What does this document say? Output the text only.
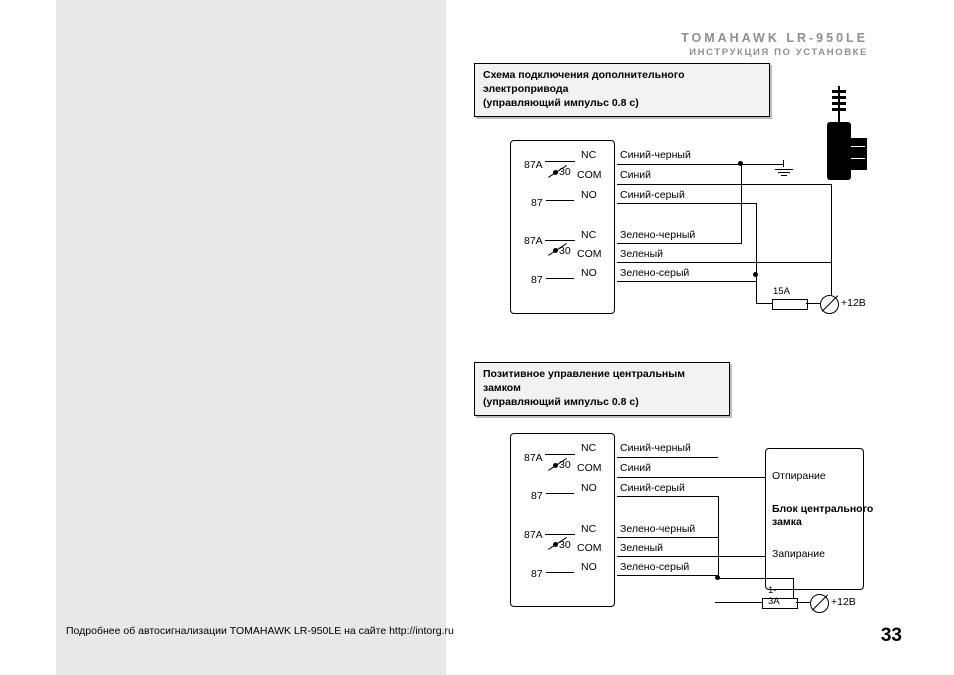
TOMAHAWK LR-950LE
ИНСТРУКЦИЯ ПО УСТАНОВКЕ
Схема подключения дополнительного электропривода
(управляющий импульс 0.8 с)
87A
30
87
NC
COM
NO
Синий-черный
Синий
Синий-серый
87A
30
87
NC
COM
NO
Зелено-черный
Зеленый
Зелено-серый
15A
+12В
Позитивное управление центральным замком
(управляющий импульс 0.8 с)
87A
30
87
NC
COM
NO
Синий-черный
Синий
Синий-серый
87A
30
87
NC
COM
NO
Зелено-черный
Зеленый
Зелено-серый
Отпирание
Блок центрального
замка
Запирание
1-3A	+12В
Подробнее об автосигнализации TOMAHAWK LR-950LE на сайте http://intorg.ru	33
